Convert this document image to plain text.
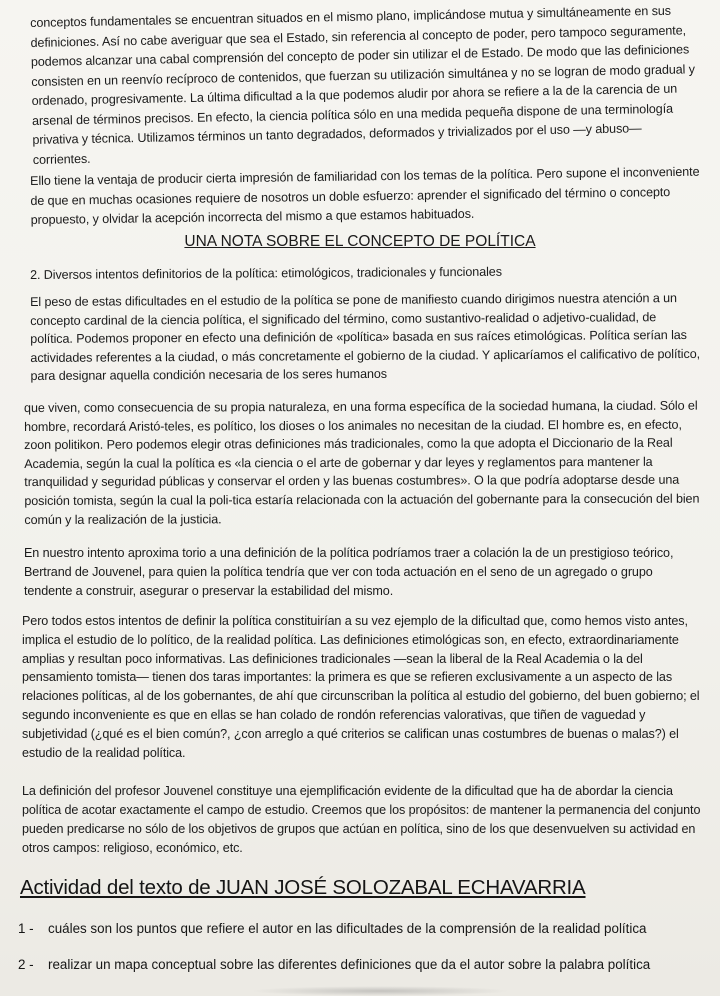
conceptos fundamentales se encuentran situados en el mismo plano, implicándose mutua y simultáneamente en sus definiciones. Así no cabe averiguar que sea el Estado, sin referencia al concepto de poder, pero tampoco seguramente, podemos alcanzar una cabal comprensión del concepto de poder sin utilizar el de Estado. De modo que las definiciones consisten en un reenvío recíproco de contenidos, que fuerzan su utilización simultánea y no se logran de modo gradual y ordenado, progresivamente. La última dificultad a la que podemos aludir por ahora se refiere a la de la carencia de un arsenal de términos precisos. En efecto, la ciencia política sólo en una medida pequeña dispone de una terminología privativa y técnica. Utilizamos términos un tanto degradados, deformados y trivializados por el uso —y abuso— corrientes.

Ello tiene la ventaja de producir cierta impresión de familiaridad con los temas de la política. Pero supone el inconveniente de que en muchas ocasiones requiere de nosotros un doble esfuerzo: aprender el significado del término o concepto propuesto, y olvidar la acepción incorrecta del mismo a que estamos habituados.

UNA NOTA SOBRE EL CONCEPTO DE POLÍTICA

2. Diversos intentos definitorios de la política: etimológicos, tradicionales y funcionales

El peso de estas dificultades en el estudio de la política se pone de manifiesto cuando dirigimos nuestra atención a un concepto cardinal de la ciencia política, el significado del término, como sustantivo-realidad o adjetivo-cualidad, de política. Podemos proponer en efecto una definición de «política» basada en sus raíces etimológicas. Política serían las actividades referentes a la ciudad, o más concretamente el gobierno de la ciudad. Y aplicaríamos el calificativo de político, para designar aquella condición necesaria de los seres humanos

que viven, como consecuencia de su propia naturaleza, en una forma específica de la sociedad humana, la ciudad. Sólo el hombre, recordará Aristó-teles, es político, los dioses o los animales no necesitan de la ciudad. El hombre es, en efecto, zoon politikon. Pero podemos elegir otras definiciones más tradicionales, como la que adopta el Diccionario de la Real Academia, según la cual la política es «la ciencia o el arte de gobernar y dar leyes y reglamentos para mantener la tranquilidad y seguridad públicas y conservar el orden y las buenas costumbres». O la que podría adoptarse desde una posición tomista, según la cual la poli-tica estaría relacionada con la actuación del gobernante para la consecución del bien común y la realización de la justicia.

En nuestro intento aproxima torio a una definición de la política podríamos traer a colación la de un prestigioso teórico, Bertrand de Jouvenel, para quien la política tendría que ver con toda actuación en el seno de un agregado o grupo tendente a construir, asegurar o preservar la estabilidad del mismo.

Pero todos estos intentos de definir la política constituirían a su vez ejemplo de la dificultad que, como hemos visto antes, implica el estudio de lo político, de la realidad política. Las definiciones etimológicas son, en efecto, extraordinariamente amplias y resultan poco informativas. Las definiciones tradicionales —sean la liberal de la Real Academia o la del pensamiento tomista— tienen dos taras importantes: la primera es que se refieren exclusivamente a un aspecto de las relaciones políticas, al de los gobernantes, de ahí que circunscriban la política al estudio del gobierno, del buen gobierno; el segundo inconveniente es que en ellas se han colado de rondón referencias valorativas, que tiñen de vaguedad y subjetividad (¿qué es el bien común?, ¿con arreglo a qué criterios se califican unas costumbres de buenas o malas?) el estudio de la realidad política.

La definición del profesor Jouvenel constituye una ejemplificación evidente de la dificultad que ha de abordar la ciencia política de acotar exactamente el campo de estudio. Creemos que los propósitos: de mantener la permanencia del conjunto pueden predicarse no sólo de los objetivos de grupos que actúan en política, sino de los que desenvuelven su actividad en otros campos: religioso, económico, etc.

Actividad del texto de JUAN JOSÉ SOLOZABAL ECHAVARRIA

1 - cuáles son los puntos que refiere el autor en las dificultades de la comprensión de la realidad política

2 - realizar un mapa conceptual sobre las diferentes definiciones que da el autor sobre la palabra política
